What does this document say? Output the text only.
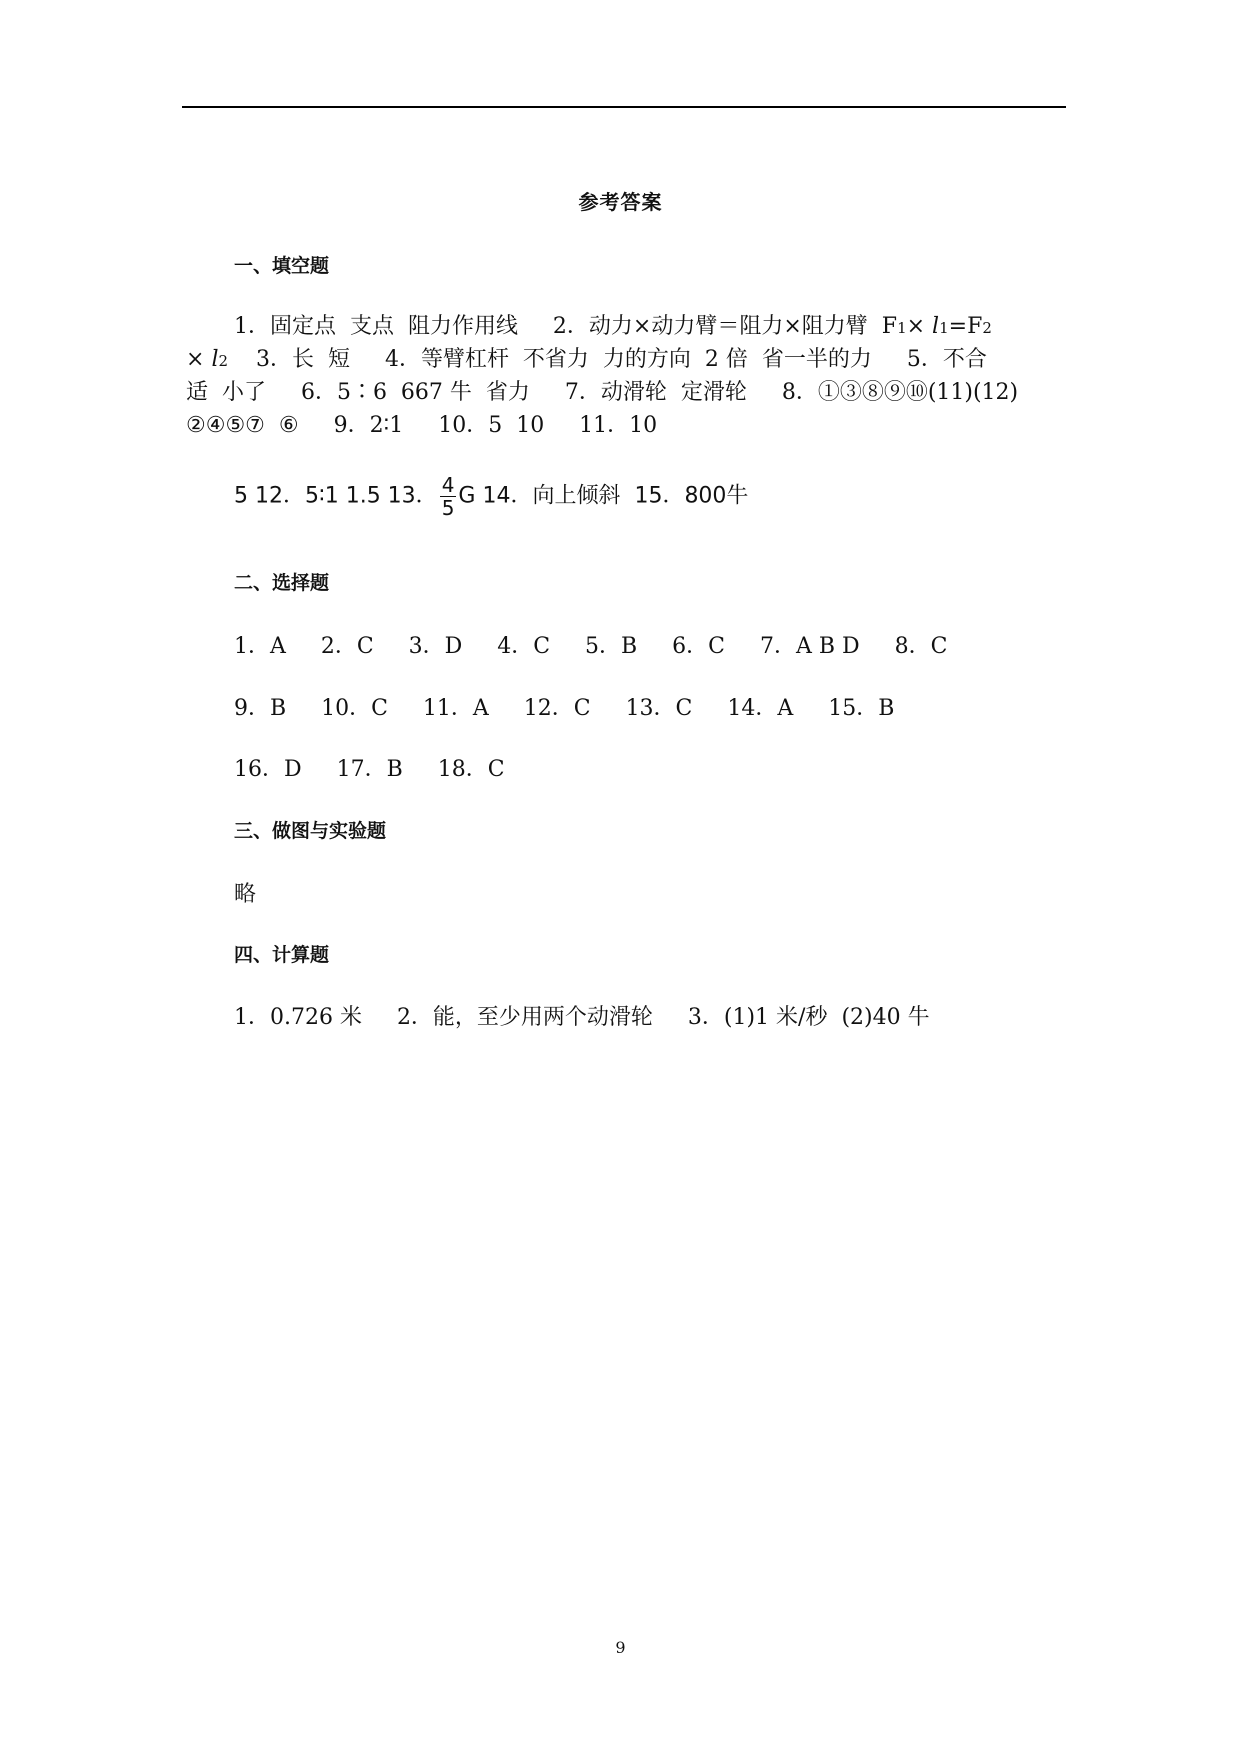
参考答案
一、填空题
1．固定点  支点  阻力作用线     2．动力×动力臂＝阻力×阻力臂  F1× l1=F2
× l2    3．长  短     4．等臂杠杆  不省力  力的方向  2 倍  省一半的力     5．不合
适  小了     6．5∶6  667 牛  省力     7．动滑轮  定滑轮     8．①③⑧⑨⑩(11)(12)
②④⑤⑦  ⑥     9．2∶1     10．5  10     11．10
5 12．5∶1 1.5 13． $\frac{4}{5}$ G 14．向上倾斜  15．800牛
二、选择题
1．A     2．C     3．D     4．C     5．B     6．C     7．A B D     8．C
9．B     10．C     11．A     12．C     13．C     14．A     15．B
16．D     17．B     18．C
三、做图与实验题
略
四、计算题
1．0.726 米     2．能，至少用两个动滑轮     3．(1)1 米/秒  (2)40 牛
9
